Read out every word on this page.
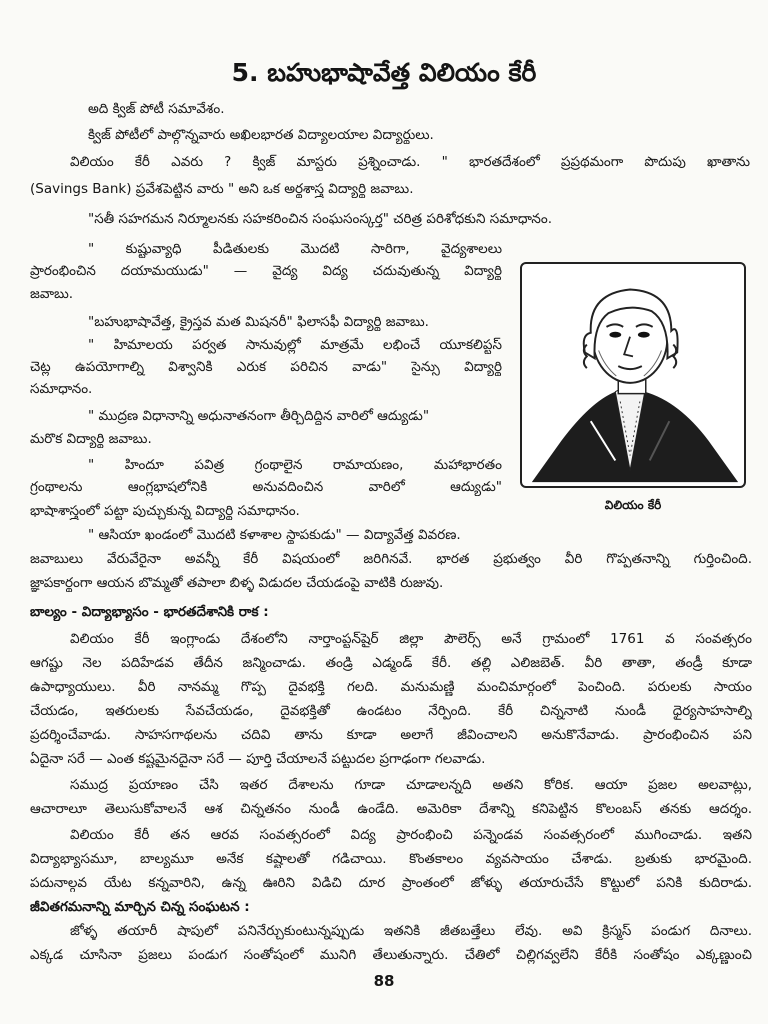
5. బహుభాషావేత్త విలియం కేరీ

అది క్విజ్ పోటీ సమావేశం.

క్విజ్ పోటీలో పాల్గొన్నవారు అఖిలభారత విద్యాలయాల విద్యార్థులు.

విలియం కేరీ ఎవరు ? క్విజ్ మాస్టరు ప్రశ్నించాడు. " భారతదేశంలో ప్రప్రథమంగా పొదుపు ఖాతాను

(Savings Bank) ప్రవేశపెట్టిన వారు " అని ఒక అర్థశాస్త్ర విద్యార్థి జవాబు.

"సతీ సహగమన నిర్మూలనకు సహకరించిన సంఘసంస్కర్త" చరిత్ర పరిశోధకుని సమాధానం.

" కుష్టువ్యాధి పీడితులకు మొదటి సారిగా, వైద్యశాలలు

ప్రారంభించిన దయామయుడు" — వైద్య విద్య చదువుతున్న విద్యార్థి

జవాబు.

"బహుభాషావేత్త, క్రైస్తవ మత మిషనరీ" ఫిలాసఫీ విద్యార్థి జవాబు.

" హిమాలయ పర్వత సానువుల్లో మాత్రమే లభించే యూకలిప్టస్

చెట్ల ఉపయోగాల్ని విశ్వానికి ఎరుక పరిచిన వాడు" సైన్సు విద్యార్థి

సమాధానం.

" ముద్రణ విధానాన్ని అధునాతనంగా తీర్చిదిద్దిన వారిలో ఆద్యుడు"

మరొక విద్యార్థి జవాబు.

" హిందూ పవిత్ర గ్రంథాలైన రామాయణం, మహాభారతం

గ్రంథాలను ఆంగ్లభాషలోనికి అనువదించిన వారిలో ఆద్యుడు"

భాషాశాస్త్రంలో పట్టా పుచ్చుకున్న విద్యార్థి సమాధానం.	విలియం కేరీ

" ఆసియా ఖండంలో మొదటి కళాశాల స్థాపకుడు" — విద్యావేత్త వివరణ.

జవాబులు వేరువేరైనా అవన్నీ కేరీ విషయంలో జరిగినవే. భారత ప్రభుత్వం వీరి గొప్పతనాన్ని గుర్తించింది.

జ్ఞాపకార్థంగా ఆయన బొమ్మతో తపాలా బిళ్ళ విడుదల చేయడంపై వాటికి రుజువు.

బాల్యం - విద్యాభ్యాసం - భారతదేశానికి రాక :

విలియం కేరీ ఇంగ్లాండు దేశంలోని నార్తాంప్టన్‌షైర్ జిల్లా పౌలెర్స్ అనే గ్రామంలో 1761 వ సంవత్సరం

ఆగష్టు నెల పదిహేడవ తేదీన జన్మించాడు. తండ్రి ఎడ్మండ్ కేరీ. తల్లి ఎలిజబెత్. వీరి తాతా, తండ్రీ కూడా

ఉపాధ్యాయులు. వీరి నానమ్మ గొప్ప దైవభక్తి గలది. మనుమణ్ణి మంచిమార్గంలో పెంచింది. పరులకు సాయం

చేయడం, ఇతరులకు సేవచేయడం, దైవభక్తితో ఉండటం నేర్పింది. కేరీ చిన్ననాటి నుండీ ధైర్యసాహసాల్ని

ప్రదర్శించేవాడు. సాహసగాథలను చదివి తాను కూడా అలాగే జీవించాలని అనుకొనేవాడు. ప్రారంభించిన పని

ఏదైనా సరే — ఎంత కష్టమైనదైనా సరే — పూర్తి చేయాలనే పట్టుదల ప్రగాఢంగా గలవాడు.

సముద్ర ప్రయాణం చేసి ఇతర దేశాలను గూడా చూడాలన్నది అతని కోరిక. ఆయా ప్రజల అలవాట్లు,

ఆచారాలూ తెలుసుకోవాలనే ఆశ చిన్నతనం నుండీ ఉండేది. అమెరికా దేశాన్ని కనిపెట్టిన కొలంబస్ తనకు ఆదర్శం.

విలియం కేరీ తన ఆరవ సంవత్సరంలో విద్య ప్రారంభించి పన్నెండవ సంవత్సరంలో ముగించాడు. ఇతని

విద్యాభ్యాసమూ, బాల్యమూ అనేక కష్టాలతో గడిచాయి. కొంతకాలం వ్యవసాయం చేశాడు. బ్రతుకు భారమైంది.

పదునాల్గవ యేట కన్నవారిని, ఉన్న ఊరిని విడిచి దూర ప్రాంతంలో జోళ్ళు తయారుచేసే కొట్టులో పనికి కుదిరాడు.

జీవితగమనాన్ని మార్చిన చిన్న సంఘటన :

జోళ్ళ తయారీ షాపులో పనినేర్చుకుంటున్నప్పుడు ఇతనికి జీతబత్తేలు లేవు. అవి క్రిస్మస్ పండుగ దినాలు.

ఎక్కడ చూసినా ప్రజలు పండుగ సంతోషంలో మునిగి తేలుతున్నారు. చేతిలో చిల్లిగవ్వలేని కేరీకి సంతోషం ఎక్కణ్ణుంచి

88
